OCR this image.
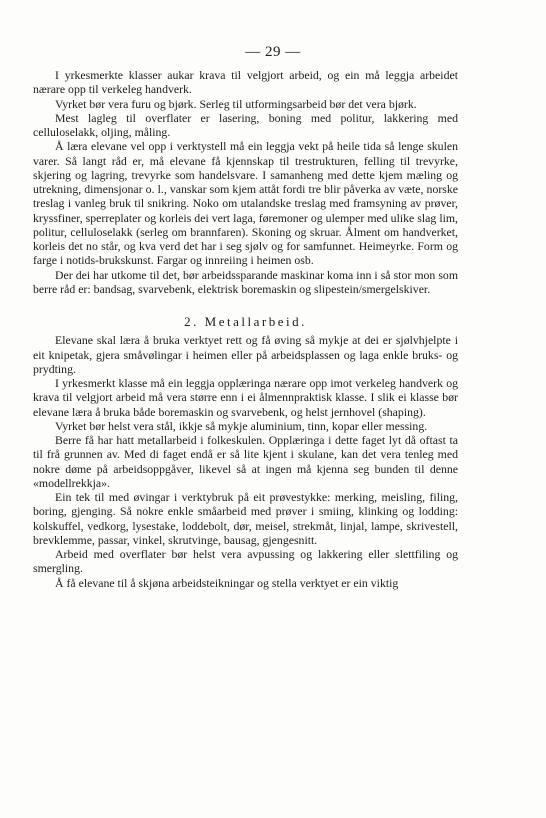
— 29 —

I yrkesmerkte klasser aukar krava til velgjort arbeid, og ein må leggja arbeidet nærare opp til verkeleg handverk.

Vyrket bør vera furu og bjørk. Serleg til utformingsarbeid bør det vera bjørk.

Mest lagleg til overflater er lasering, boning med politur, lakkering med celluloselakk, oljing, måling.

Å læra elevane vel opp i verktystell må ein leggja vekt på heile tida så lenge skulen varer. Så langt råd er, må elevane få kjennskap til trestrukturen, felling til trevyrke, skjering og lagring, trevyrke som handelsvare. I samanheng med dette kjem mæling og utrekning, dimensjonar o. l., vanskar som kjem attåt fordi tre blir påverka av væte, norske treslag i vanleg bruk til snikring. Noko om utalandske treslag med framsyning av prøver, kryssfiner, sperreplater og korleis dei vert laga, føremoner og ulemper med ulike slag lim, politur, celluloselakk (serleg om brannfaren). Skoning og skruar. Ålment om handverket, korleis det no står, og kva verd det har i seg sjølv og for samfunnet. Heimeyrke. Form og farge i notids-brukskunst. Fargar og innreiing i heimen osb.

Der dei har utkome til det, bør arbeidssparande maskinar koma inn i så stor mon som berre råd er: bandsag, svarvebenk, elektrisk boremaskin og slipestein/smergelskiver.

2. Metallarbeid.

Elevane skal læra å bruka verktyet rett og få øving så mykje at dei er sjølvhjelpte i eit knipetak, gjera småvølingar i heimen eller på arbeidsplassen og laga enkle bruks- og prydting.

I yrkesmerkt klasse må ein leggja opplæringa nærare opp imot verkeleg handverk og krava til velgjort arbeid må vera større enn i ei ålmennpraktisk klasse. I slik ei klasse bør elevane læra å bruka både boremaskin og svarvebenk, og helst jernhovel (shaping).

Vyrket bør helst vera stål, ikkje så mykje aluminium, tinn, kopar eller messing.

Berre få har hatt metallarbeid i folkeskulen. Opplæringa i dette faget lyt då oftast ta til frå grunnen av. Med di faget endå er så lite kjent i skulane, kan det vera tenleg med nokre døme på arbeidsoppgåver, likevel så at ingen må kjenna seg bunden til denne «modellrekkja».

Ein tek til med øvingar i verktybruk på eit prøvestykke: merking, meisling, filing, boring, gjenging. Så nokre enkle småarbeid med prøver i smiing, klinking og lodding: kolskuffel, vedkorg, lysestake, loddebolt, dør, meisel, strekmåt, linjal, lampe, skrivestell, brevklemme, passar, vinkel, skrutvinge, bausag, gjengesnitt.

Arbeid med overflater bør helst vera avpussing og lakkering eller slettfiling og smergling.

Å få elevane til å skjøna arbeidsteikningar og stella verktyet er ein viktig
